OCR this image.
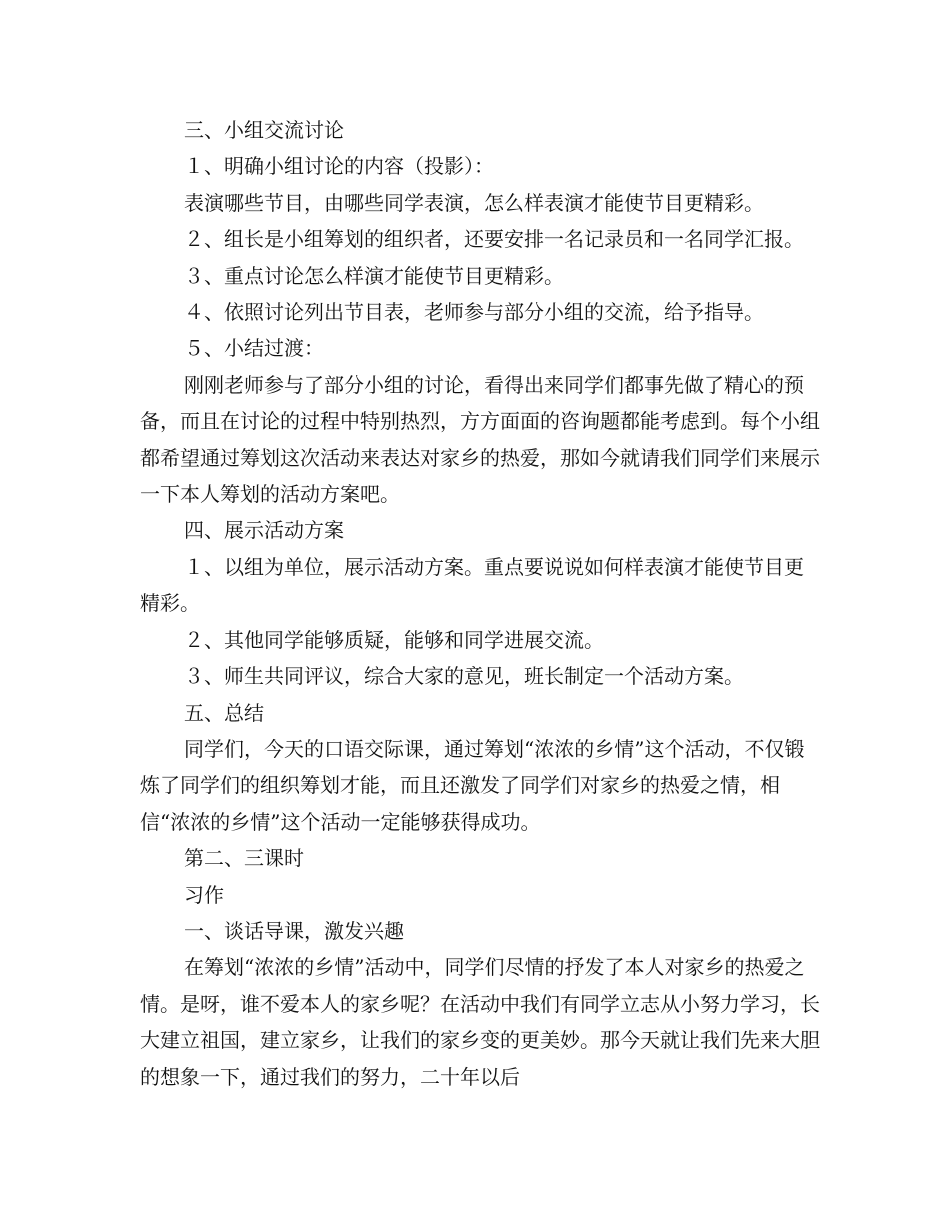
三、小组交流讨论

１、明确小组讨论的内容（投影）：

表演哪些节目，由哪些同学表演，怎么样表演才能使节目更精彩。

２、组长是小组筹划的组织者，还要安排一名记录员和一名同学汇报。

３、重点讨论怎么样演才能使节目更精彩。

４、依照讨论列出节目表，老师参与部分小组的交流，给予指导。

５、小结过渡：

刚刚老师参与了部分小组的讨论，看得出来同学们都事先做了精心的预备，而且在讨论的过程中特别热烈，方方面面的咨询题都能考虑到。每个小组都希望通过筹划这次活动来表达对家乡的热爱，那如今就请我们同学们来展示一下本人筹划的活动方案吧。

四、展示活动方案

１、以组为单位，展示活动方案。重点要说说如何样表演才能使节目更精彩。

２、其他同学能够质疑，能够和同学进展交流。

３、师生共同评议，综合大家的意见，班长制定一个活动方案。

五、总结

同学们，今天的口语交际课，通过筹划“浓浓的乡情”这个活动，不仅锻炼了同学们的组织筹划才能，而且还激发了同学们对家乡的热爱之情，相信“浓浓的乡情”这个活动一定能够获得成功。

第二、三课时

习作

一、谈话导课，激发兴趣

在筹划“浓浓的乡情”活动中，同学们尽情的抒发了本人对家乡的热爱之情。是呀，谁不爱本人的家乡呢？在活动中我们有同学立志从小努力学习，长大建立祖国，建立家乡，让我们的家乡变的更美妙。那今天就让我们先来大胆的想象一下，通过我们的努力，二十年以后
